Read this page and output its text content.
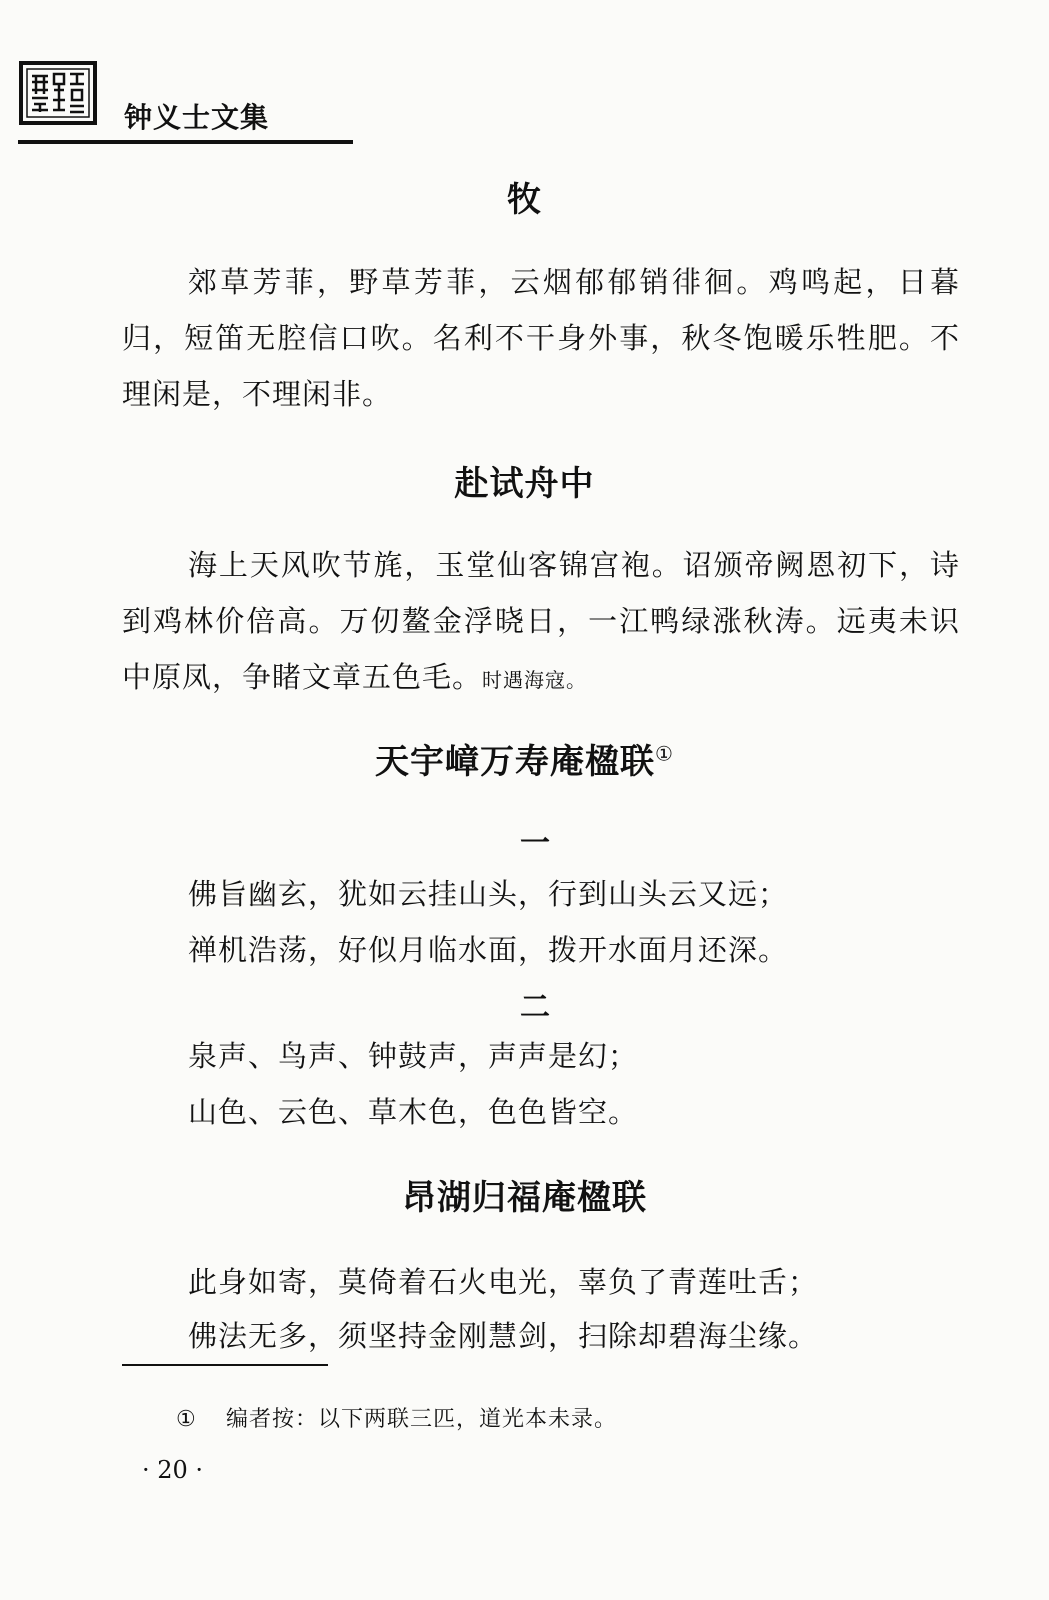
钟义士文集
牧
郊草芳菲，野草芳菲，云烟郁郁销徘徊。鸡鸣起，日暮归，短笛无腔信口吹。名利不干身外事，秋冬饱暖乐牲肥。不理闲是，不理闲非。
赴试舟中
海上天风吹节旄，玉堂仙客锦宫袍。诏颁帝阙恩初下，诗到鸡林价倍高。万仞鳌金浮晓日，一江鸭绿涨秋涛。远夷未识中原凤，争睹文章五色毛。时遇海寇。
天宇嶂万寿庵楹联①
一
佛旨幽玄，犹如云挂山头，行到山头云又远；
禅机浩荡，好似月临水面，拨开水面月还深。
二
泉声、鸟声、钟鼓声，声声是幻；
山色、云色、草木色，色色皆空。
昂湖归福庵楹联
此身如寄，莫倚着石火电光，辜负了青莲吐舌；
佛法无多，须坚持金刚慧剑，扫除却碧海尘缘。
① 编者按：以下两联三匹，道光本未录。
· 20 ·
